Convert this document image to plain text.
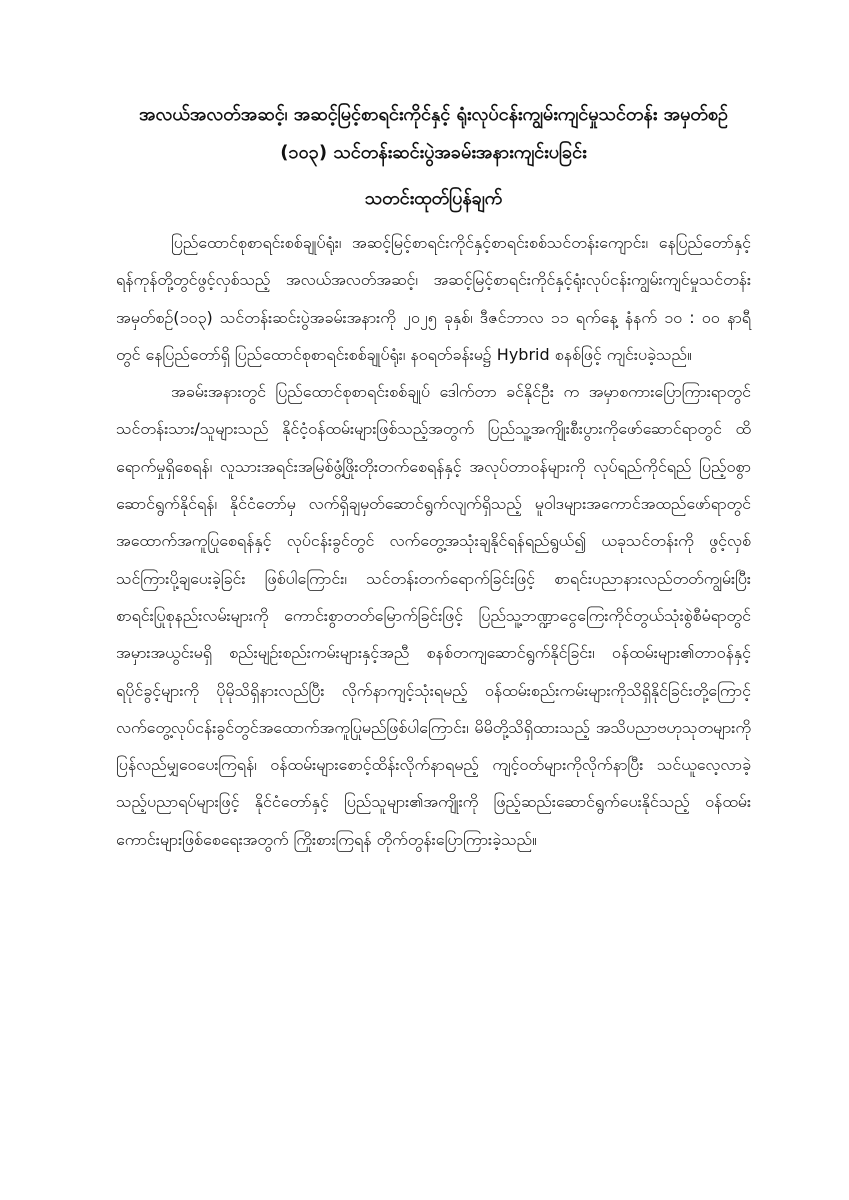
အလယ်အလတ်အဆင့်၊ အဆင့်မြင့်စာရင်းကိုင်နှင့် ရုံးလုပ်ငန်းကျွမ်းကျင်မှုသင်တန်း အမှတ်စဉ် (၁၀၃) သင်တန်းဆင်းပွဲအခမ်းအနားကျင်းပခြင်း
သတင်းထုတ်ပြန်ချက်

ပြည်ထောင်စုစာရင်းစစ်ချုပ်ရုံး၊ အဆင့်မြင့်စာရင်းကိုင်နှင့်စာရင်းစစ်သင်တန်းကျောင်း၊ နေပြည်တော်နှင့် ရန်ကုန်တို့တွင်ဖွင့်လှစ်သည့် အလယ်အလတ်အဆင့်၊ အဆင့်မြင့်စာရင်းကိုင်နှင့်ရုံးလုပ်ငန်းကျွမ်းကျင်မှုသင်တန်းအမှတ်စဉ်(၁၀၃) သင်တန်းဆင်းပွဲအခမ်းအနားကို ၂၀၂၅ ခုနှစ်၊ ဒီဇင်ဘာလ ၁၁ ရက်နေ့ နံနက် ၁၀ : ၀၀ နာရီတွင် နေပြည်တော်ရှိ ပြည်ထောင်စုစာရင်းစစ်ချုပ်ရုံး၊ နဝရတ်ခန်းမ၌ Hybrid စနစ်ဖြင့် ကျင်းပခဲ့သည်။

အခမ်းအနားတွင် ပြည်ထောင်စုစာရင်းစစ်ချုပ် ဒေါက်တာ ခင်နိုင်ဦး က အမှာစကားပြောကြားရာတွင် သင်တန်းသား/သူများသည် နိုင်ငံ့ဝန်ထမ်းများဖြစ်သည့်အတွက် ပြည်သူ့အကျိုးစီးပွားကိုဖော်ဆောင်ရာတွင် ထိရောက်မှုရှိစေရန်၊ လူသားအရင်းအမြစ်ဖွံ့ဖြိုးတိုးတက်စေရန်နှင့် အလုပ်တာဝန်များကို လုပ်ရည်ကိုင်ရည် ပြည့်ဝစွာဆောင်ရွက်နိုင်ရန်၊ နိုင်ငံတော်မှ လက်ရှိချမှတ်ဆောင်ရွက်လျက်ရှိသည့် မူဝါဒများအကောင်အထည်ဖော်ရာတွင် အထောက်အကူပြုစေရန်နှင့် လုပ်ငန်းခွင်တွင် လက်တွေ့အသုံးချနိုင်ရန်ရည်ရွယ်၍ ယခုသင်တန်းကို ဖွင့်လှစ်သင်ကြားပို့ချပေးခဲ့ခြင်း ဖြစ်ပါကြောင်း၊ သင်တန်းတက်ရောက်ခြင်းဖြင့် စာရင်းပညာနားလည်တတ်ကျွမ်းပြီး စာရင်းပြုစုနည်းလမ်းများကို ကောင်းစွာတတ်မြောက်ခြင်းဖြင့် ပြည်သူ့ဘဏ္ဍာငွေကြေးကိုင်တွယ်သုံးစွဲစီမံရာတွင် အမှားအယွင်းမရှိ စည်းမျဉ်းစည်းကမ်းများနှင့်အညီ စနစ်တကျဆောင်ရွက်နိုင်ခြင်း၊ ဝန်ထမ်းများ၏တာဝန်နှင့်ရပိုင်ခွင့်များကို ပိုမိုသိရှိနားလည်ပြီး လိုက်နာကျင့်သုံးရမည့် ဝန်ထမ်းစည်းကမ်းများကိုသိရှိနိုင်ခြင်းတို့ကြောင့် လက်တွေ့လုပ်ငန်းခွင်တွင်အထောက်အကူပြုမည်ဖြစ်ပါကြောင်း၊ မိမိတို့သိရှိထားသည့် အသိပညာဗဟုသုတများကို ပြန်လည်မျှဝေပေးကြရန်၊ ဝန်ထမ်းများစောင့်ထိန်းလိုက်နာရမည့် ကျင့်ဝတ်များကိုလိုက်နာပြီး သင်ယူလေ့လာခဲ့သည့်ပညာရပ်များဖြင့် နိုင်ငံတော်နှင့် ပြည်သူများ၏အကျိုးကို ဖြည့်ဆည်းဆောင်ရွက်ပေးနိုင်သည့် ဝန်ထမ်းကောင်းများဖြစ်စေရေးအတွက် ကြိုးစားကြရန် တိုက်တွန်းပြောကြားခဲ့သည်။
